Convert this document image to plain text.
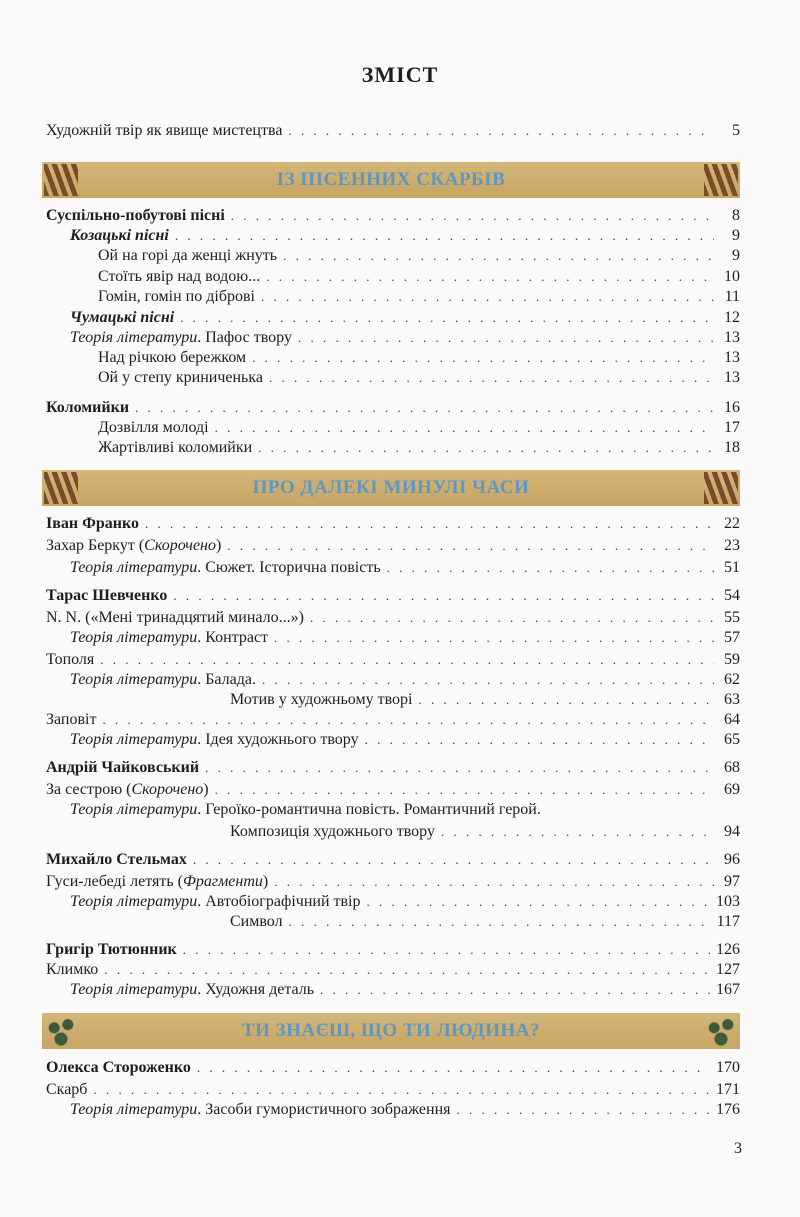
ЗМІСТ
ІЗ ПІСЕННИХ СКАРБІВ
ПРО ДАЛЕКІ МИНУЛІ ЧАСИ
ТИ ЗНАЄШ, ЩО ТИ ЛЮДИНА?
Художній твір як явище мистецтва . . .	5
Суспільно-побутові пісні . . .	8
Козацькі пісні . . .	9
Ой на горі да женці жнуть . . .	9
Стоїть явір над водою... . . .	10
Гомін, гомін по діброві . . .	11
Чумацькі пісні . . .	12
Теорія літератури. Пафос твору . . .	13
Над річкою бережком . . .	13
Ой у степу криниченька . . .	13
Коломийки . . .	16
Дозвілля молоді . . .	17
Жартівливі коломийки . . .	18
Іван Франко . . .	22
Захар Беркут (Скорочено) . . .	23
Теорія літератури. Сюжет. Історична повість . . .	51
Тарас Шевченко . . .	54
N. N. («Мені тринадцятий минало...») . . .	55
Теорія літератури. Контраст . . .	57
Тополя . . .	59
Теорія літератури. Балада. . . .	62
Мотив у художньому творі . . .	63
Заповіт . . .	64
Теорія літератури. Ідея художнього твору . . .	65
Андрій Чайковський . . .	68
За сестрою (Скорочено) . . .	69
Теорія літератури. Героїко-романтична повість. Романтичний герой.
Композиція художнього твору . . .	94
Михайло Стельмах . . .	96
Гуси-лебеді летять (Фрагменти) . . .	97
Теорія літератури. Автобіографічний твір . . .	103
Символ . . .	117
Григір Тютюнник . . .	126
Климко . . .	127
Теорія літератури. Художня деталь . . .	167
Олекса Стороженко . . .	170
Скарб . . .	171
Теорія літератури. Засоби гумористичного зображення . . .	176
3
